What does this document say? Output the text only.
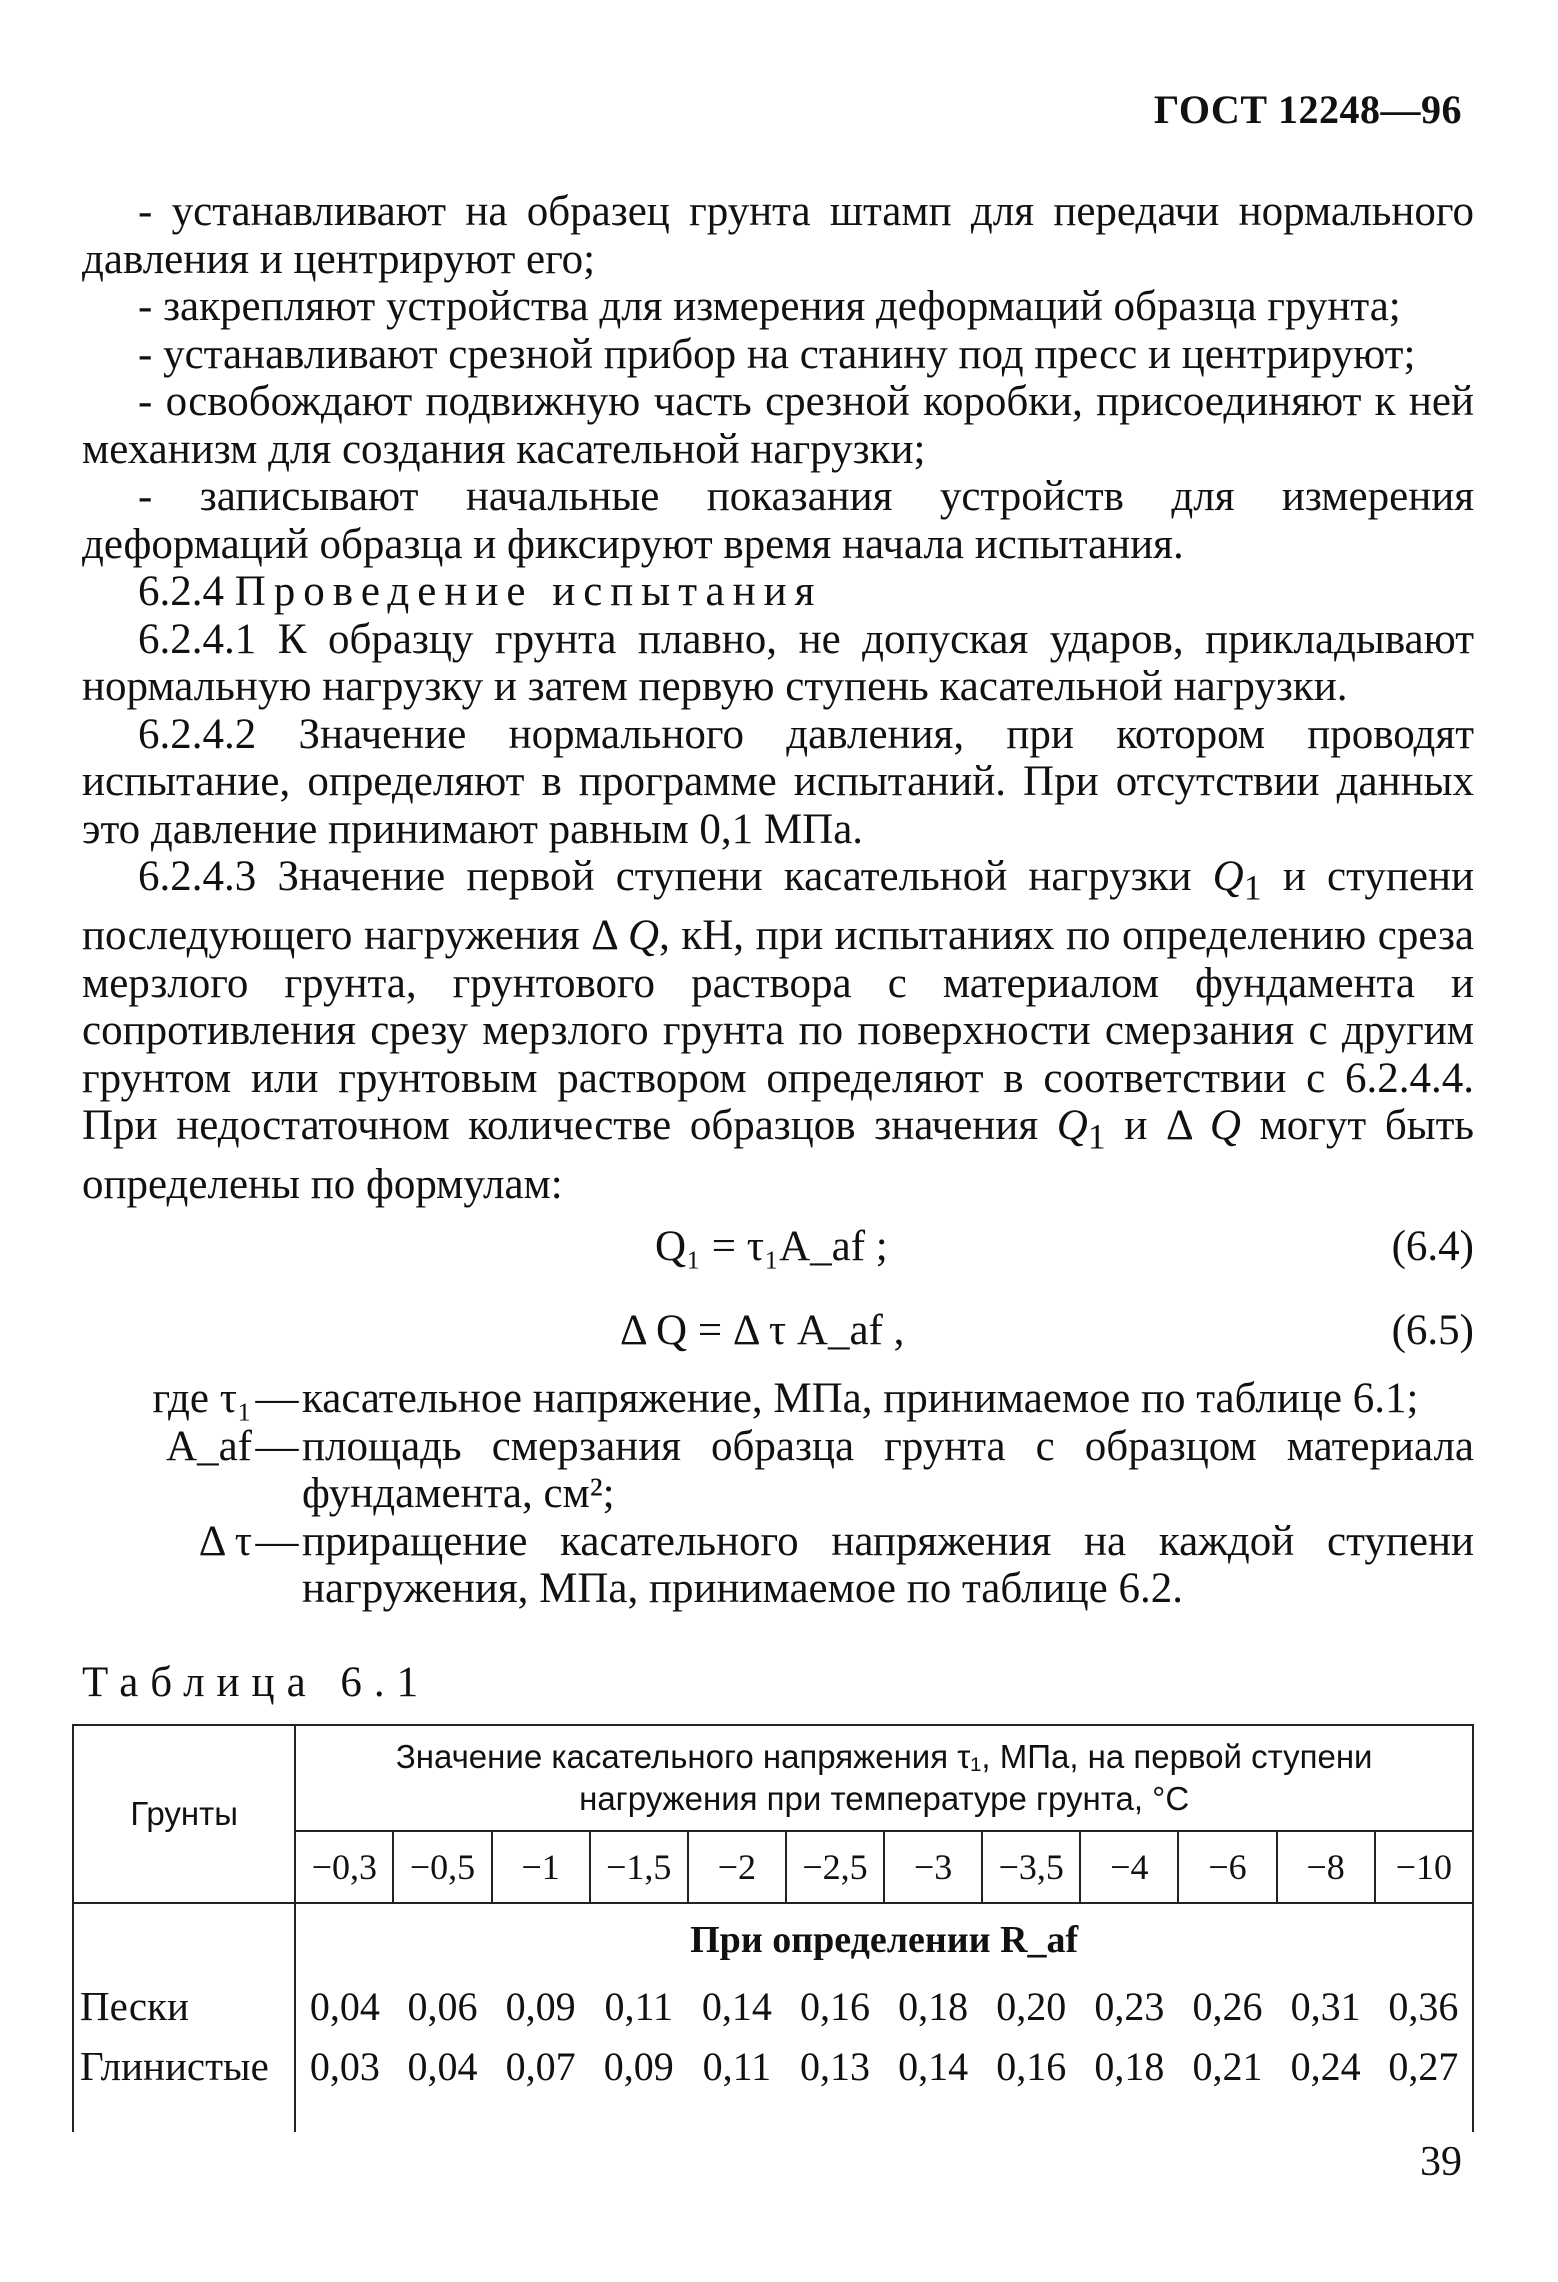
ГОСТ 12248—96

- устанавливают на образец грунта штамп для передачи нормального давления и центрируют его;

- закрепляют устройства для измерения деформаций образца грунта;

- устанавливают срезной прибор на станину под пресс и центрируют;

- освобождают подвижную часть срезной коробки, присоединяют к ней механизм для создания касательной нагрузки;

- записывают начальные показания устройств для измерения деформаций образца и фиксируют время начала испытания.

6.2.4 Проведение испытания

6.2.4.1 К образцу грунта плавно, не допуская ударов, прикладывают нормальную нагрузку и затем первую ступень касательной нагрузки.

6.2.4.2 Значение нормального давления, при котором проводят испытание, определяют в программе испытаний. При отсутствии данных это давление принимают равным 0,1 МПа.

6.2.4.3 Значение первой ступени касательной нагрузки $Q_1$ и ступени последующего нагружения Δ Q, кН, при испытаниях по определению среза мерзлого грунта, грунтового раствора с материалом фундамента и сопротивления срезу мерзлого грунта по поверхности смерзания с другим грунтом или грунтовым раствором определяют в соответствии с 6.2.4.4. При недостаточном количестве образцов значения $Q_1$ и Δ Q могут быть определены по формулам:

Q₁ = τ₁A_af ;	(6.4)
Δ Q = Δ τ A_af ,	(6.5)
где τ₁ — касательное напряжение, МПа, принимаемое по таблице 6.1;
A_af — площадь смерзания образца грунта с образцом материала фундамента, см²;
Δ τ — приращение касательного напряжения на каждой ступени нагружения, МПа, принимаемое по таблице 6.2.
Таблица 6.1
Грунты	Значение касательного напряжения τ₁, МПа, на первой ступени нагружения при температуре грунта, °С											
	−0,3	−0,5	−1	−1,5	−2	−2,5	−3	−3,5	−4	−6	−8	−10
	При определении R_af											
Пески	0,04	0,06	0,09	0,11	0,14	0,16	0,18	0,20	0,23	0,26	0,31	0,36
Глинистые	0,03	0,04	0,07	0,09	0,11	0,13	0,14	0,16	0,18	0,21	0,24	0,27

39
